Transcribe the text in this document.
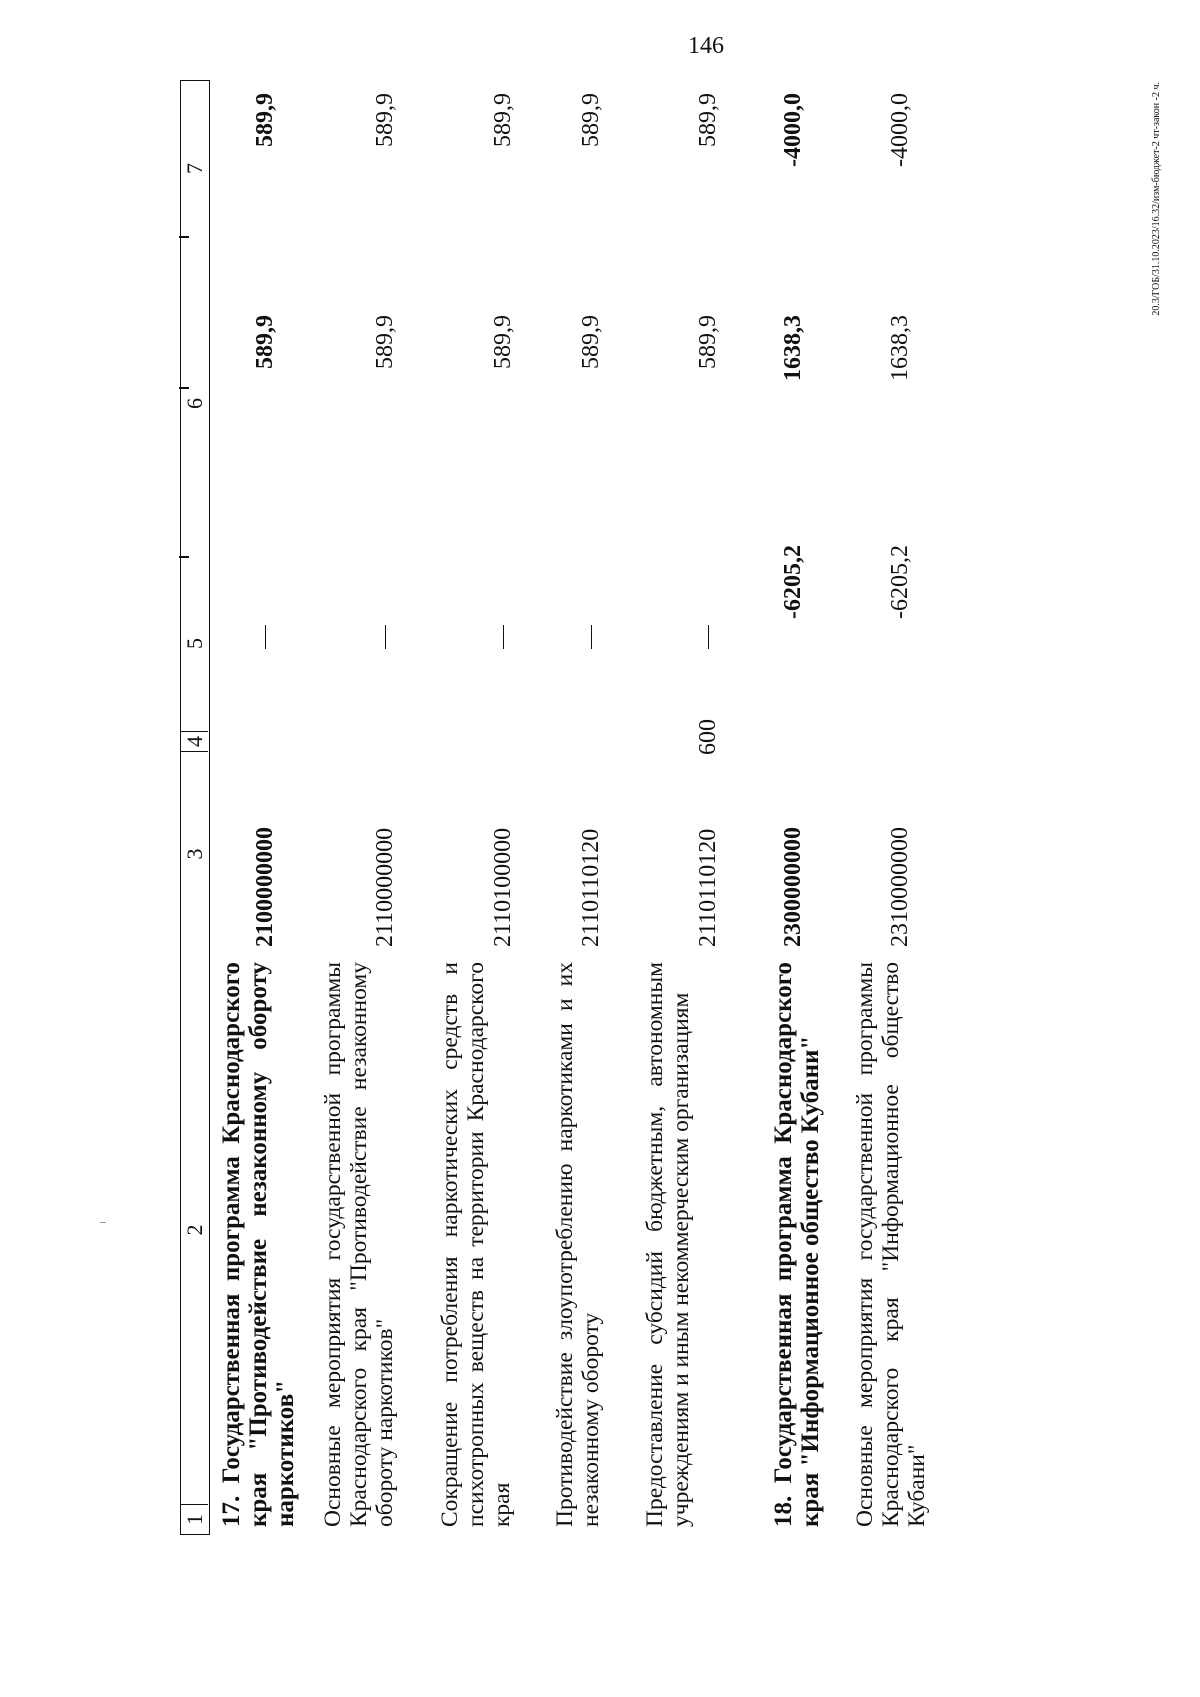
146
20.3/ГОБ/31.10.2023/16.32/изм-бюджет-2 чт-закон -2 ч.
1
2
3
4
5
6
7
17. Государственная программа Краснодарского края "Противодействие незаконному обороту наркотиков"
2100000000
589,9
589,9
Основные мероприятия государственной программы Краснодарского края "Противодействие незаконному обороту наркотиков"
2110000000
589,9
589,9
Сокращение потребления наркотических средств и психотропных веществ на территории Краснодарского края
2110100000
589,9
589,9
Противодействие злоупотреблению наркотиками и их незаконному обороту
2110110120
589,9
589,9
Предоставление субсидий бюджетным, автономным учреждениям и иным некоммерческим организациям
2110110120
600
589,9
589,9
18. Государственная программа Краснодарского края "Информационное общество Кубани"
2300000000
-6205,2
1638,3
-4000,0
Основные мероприятия государственной программы Краснодарского края "Информационное общество Кубани"
2310000000
-6205,2
1638,3
-4000,0
